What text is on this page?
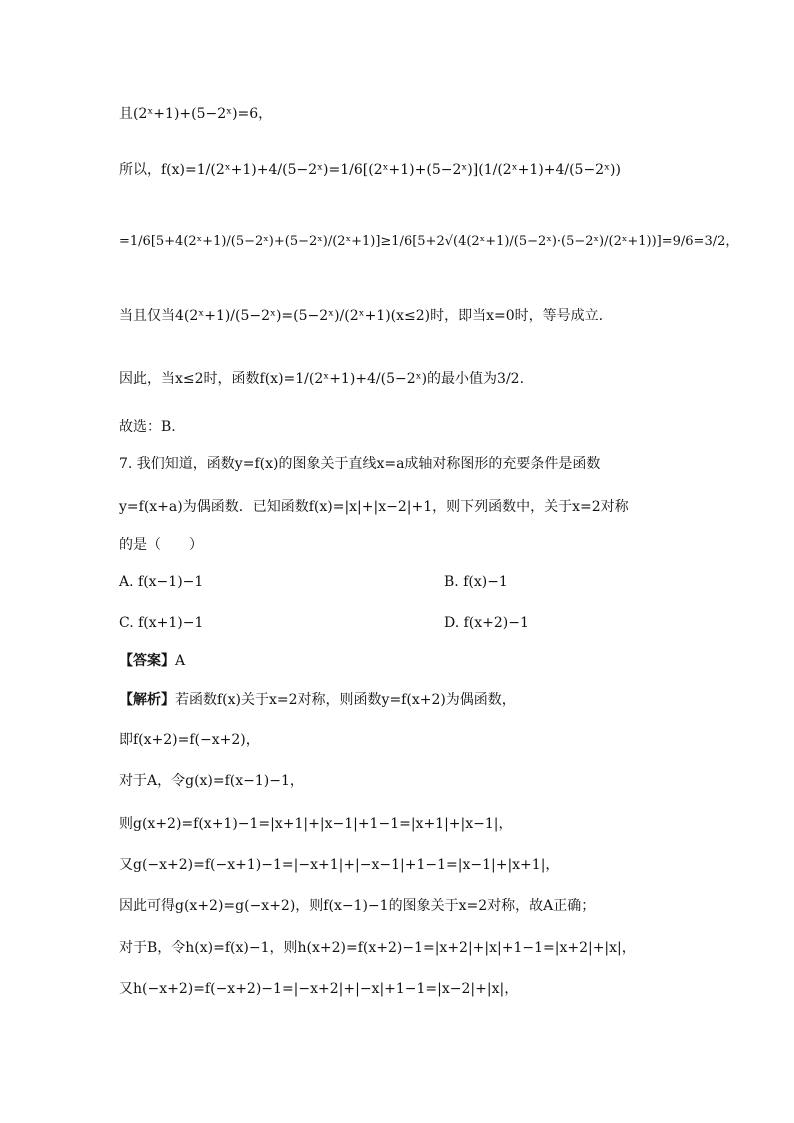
且(2ˣ+1)+(5−2ˣ)=6，
所以，f(x)=1/(2ˣ+1)+4/(5−2ˣ)=1/6[(2ˣ+1)+(5−2ˣ)](1/(2ˣ+1)+4/(5−2ˣ))
=1/6[5+4(2ˣ+1)/(5−2ˣ)+(5−2ˣ)/(2ˣ+1)]≥1/6[5+2√(4(2ˣ+1)/(5−2ˣ)·(5−2ˣ)/(2ˣ+1))]=9/6=3/2，
当且仅当4(2ˣ+1)/(5−2ˣ)=(5−2ˣ)/(2ˣ+1)(x≤2)时，即当x=0时，等号成立.
因此，当x≤2时，函数f(x)=1/(2ˣ+1)+4/(5−2ˣ)的最小值为3/2.
故选：B.
7. 我们知道，函数y=f(x)的图象关于直线x=a成轴对称图形的充要条件是函数
y=f(x+a)为偶函数．已知函数f(x)=|x|+|x−2|+1，则下列函数中，关于x=2对称
的是（　　）
A. f(x−1)−1	B. f(x)−1
C. f(x+1)−1	D. f(x+2)−1
【答案】A
【解析】若函数f(x)关于x=2对称，则函数y=f(x+2)为偶函数，
即f(x+2)=f(−x+2)，
对于A，令g(x)=f(x−1)−1，
则g(x+2)=f(x+1)−1=|x+1|+|x−1|+1−1=|x+1|+|x−1|，
又g(−x+2)=f(−x+1)−1=|−x+1|+|−x−1|+1−1=|x−1|+|x+1|，
因此可得g(x+2)=g(−x+2)，则f(x−1)−1的图象关于x=2对称，故A正确；
对于B，令h(x)=f(x)−1，则h(x+2)=f(x+2)−1=|x+2|+|x|+1−1=|x+2|+|x|，
又h(−x+2)=f(−x+2)−1=|−x+2|+|−x|+1−1=|x−2|+|x|，
